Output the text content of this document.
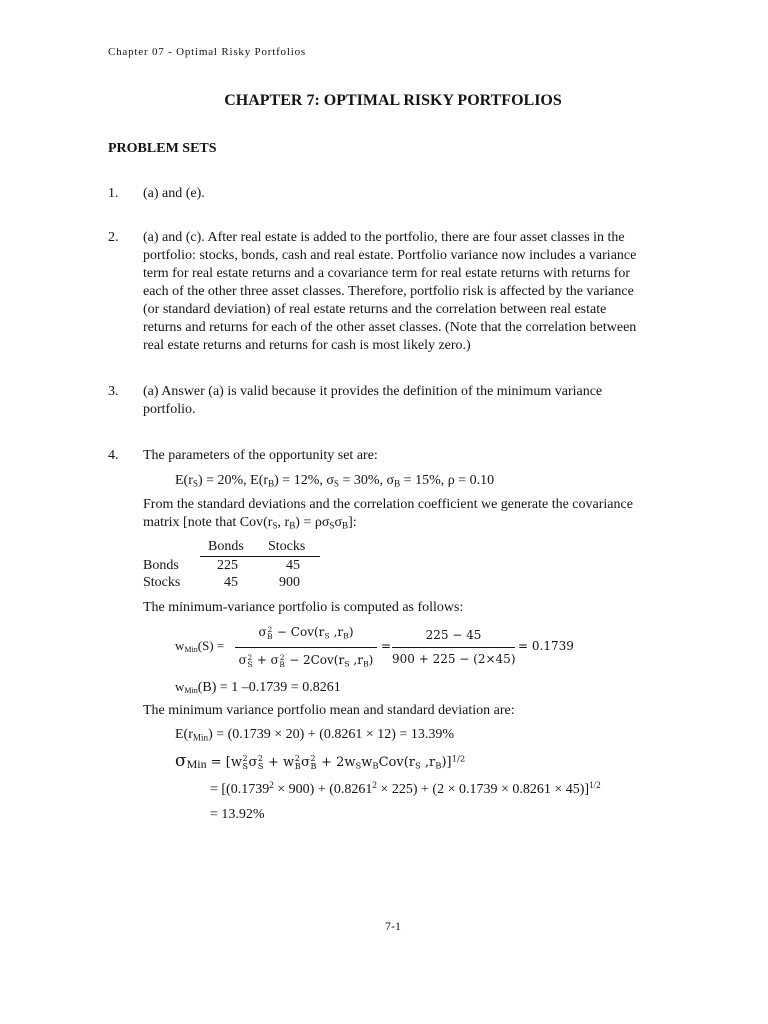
Chapter 07 - Optimal Risky Portfolios
CHAPTER 7: OPTIMAL RISKY PORTFOLIOS
PROBLEM SETS
1. (a) and (e).
2. (a) and (c). After real estate is added to the portfolio, there are four asset classes in the
portfolio: stocks, bonds, cash and real estate. Portfolio variance now includes a variance
term for real estate returns and a covariance term for real estate returns with returns for
each of the other three asset classes. Therefore, portfolio risk is affected by the variance
(or standard deviation) of real estate returns and the correlation between real estate
returns and returns for each of the other asset classes. (Note that the correlation between
real estate returns and returns for cash is most likely zero.)
3. (a) Answer (a) is valid because it provides the definition of the minimum variance
portfolio.
4. The parameters of the opportunity set are:
$E(r_S) = 20\%$, $E(r_B) = 12\%$, $\sigma_S = 30\%$, $\sigma_B = 15\%$, ρ = 0.10
From the standard deviations and the correlation coefficient we generate the covariance
matrix [note that $Cov(r_S$, $r_B) = \rho\sigma_S\sigma_B$]:
Bonds Stocks
Bonds	225	45
Stocks	45	900
The minimum-variance portfolio is computed as follows:
wMin(S) =
σ 2
$B - Cov(r_S$ $,r_B$)
σ 2
S + σ 2
$B - 2Cov(r_S$ $,r_B$)
=
225 − 45
900 + 225 − (2×45)
= 0.1739
wMin(B) = 1 –0.1739 = 0.8261
The minimum variance portfolio mean and standard deviation are:
$E(r_{Min}) = (0.1739 \times 20) + (0.8261 \times 12) = 13.39\%$
σMin = [w 2
S σ 2
S + w 2
B σ 2
$B + 2w_Sw_BCov(r_S$ $,r_B)]^{1/2}$
= $[(0.1739^2 \times 900) + (0.8261^2 \times 225) + (2 \times 0.1739 \times 0.8261 \times 45)]^{1/2}$
= 13.92%
7-1
